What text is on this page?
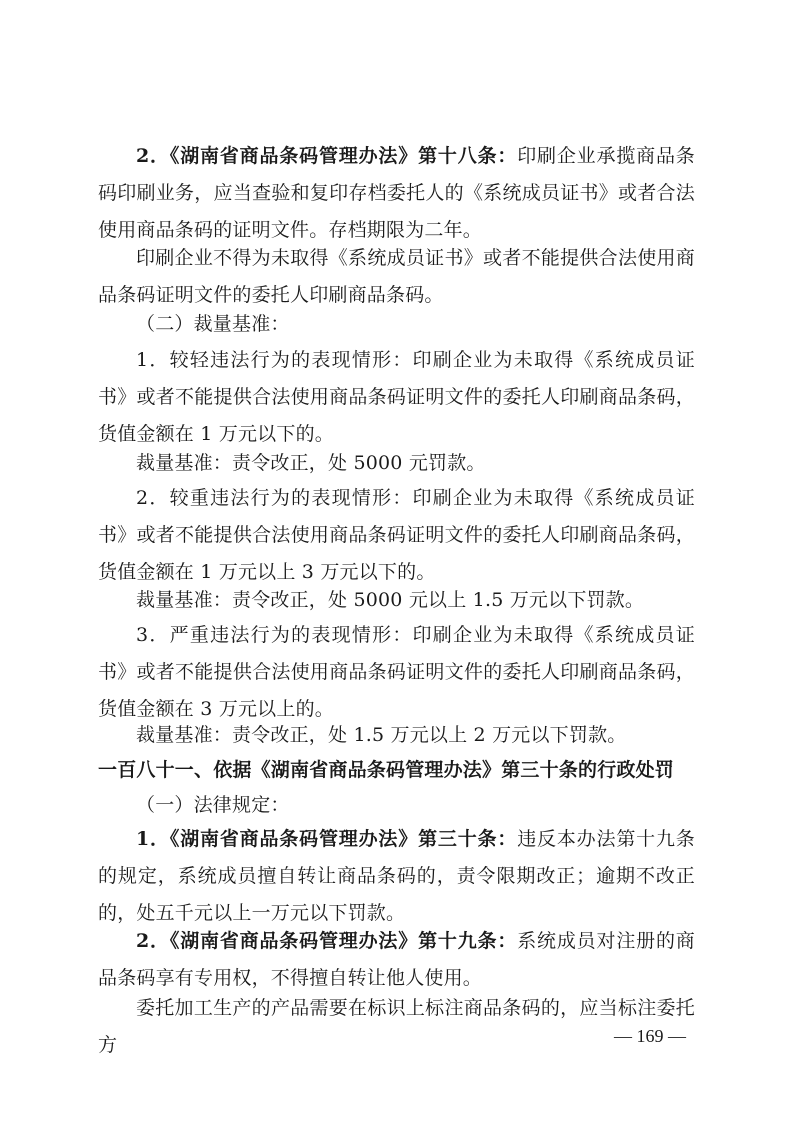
2．《湖南省商品条码管理办法》第十八条：印刷企业承揽商品条码印刷业务，应当查验和复印存档委托人的《系统成员证书》或者合法使用商品条码的证明文件。存档期限为二年。

印刷企业不得为未取得《系统成员证书》或者不能提供合法使用商品条码证明文件的委托人印刷商品条码。

（二）裁量基准：

1．较轻违法行为的表现情形：印刷企业为未取得《系统成员证书》或者不能提供合法使用商品条码证明文件的委托人印刷商品条码，货值金额在 1 万元以下的。

裁量基准：责令改正，处 5000 元罚款。

2．较重违法行为的表现情形：印刷企业为未取得《系统成员证书》或者不能提供合法使用商品条码证明文件的委托人印刷商品条码，货值金额在 1 万元以上 3 万元以下的。

裁量基准：责令改正，处 5000 元以上 1.5 万元以下罚款。

3．严重违法行为的表现情形：印刷企业为未取得《系统成员证书》或者不能提供合法使用商品条码证明文件的委托人印刷商品条码，货值金额在 3 万元以上的。

裁量基准：责令改正，处 1.5 万元以上 2 万元以下罚款。

一百八十一、依据《湖南省商品条码管理办法》第三十条的行政处罚

（一）法律规定：

1．《湖南省商品条码管理办法》第三十条：违反本办法第十九条的规定，系统成员擅自转让商品条码的，责令限期改正；逾期不改正的，处五千元以上一万元以下罚款。

2．《湖南省商品条码管理办法》第十九条：系统成员对注册的商品条码享有专用权，不得擅自转让他人使用。

委托加工生产的产品需要在标识上标注商品条码的，应当标注委托方	— 169 —
